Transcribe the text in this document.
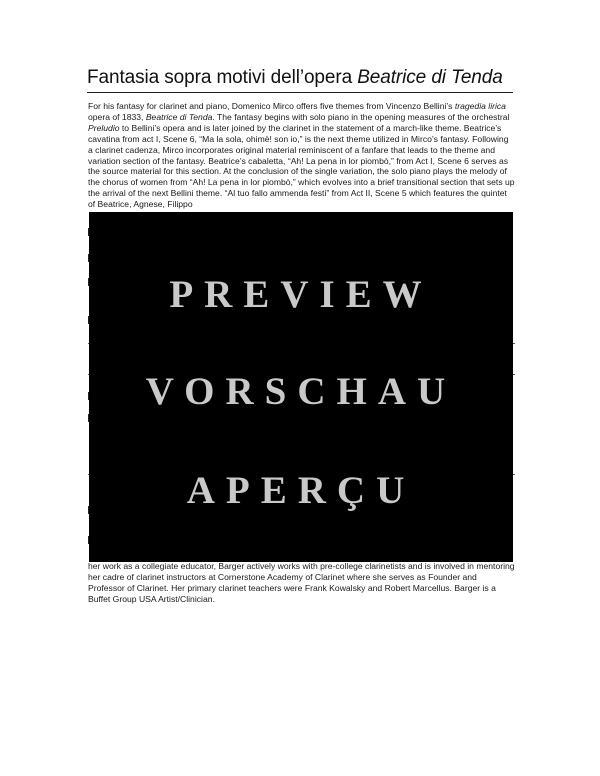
Fantasia sopra motivi dell’opera Beatrice di Tenda
For his fantasy for clarinet and piano, Domenico Mirco offers five themes from Vincenzo Bellini’s tragedia lirica opera of 1833, Beatrice di Tenda. The fantasy begins with solo piano in the opening measures of the orchestral Preludio to Bellini’s opera and is later joined by the clarinet in the statement of a march-like theme. Beatrice’s cavatina from act I, Scene 6, “Ma la sola, ohimè! son io,” is the next theme utilized in Mirco’s fantasy. Following a clarinet cadenza, Mirco incorporates original material reminiscent of a fanfare that leads to the theme and variation section of the fantasy. Beatrice’s cabaletta, “Ah! La pena in lor piombò,” from Act I, Scene 6 serves as the source material for this section. At the conclusion of the single variation, the solo piano plays the melody of the chorus of women from “Ah! La pena in lor piombò,” which evolves into a brief transitional section that sets up the arrival of the next Bellini theme. “Al tuo fallo ammenda festi” from Act II, Scene 5 which features the quintet of Beatrice, Agnese, Filippo
PREVIEW
VORSCHAU
APERÇU
her work as a collegiate educator, Barger actively works with pre-college clarinetists and is involved in mentoring her cadre of clarinet instructors at Cornerstone Academy of Clarinet where she serves as Founder and Professor of Clarinet. Her primary clarinet teachers were Frank Kowalsky and Robert Marcellus. Barger is a Buffet Group USA Artist/Clinician.
